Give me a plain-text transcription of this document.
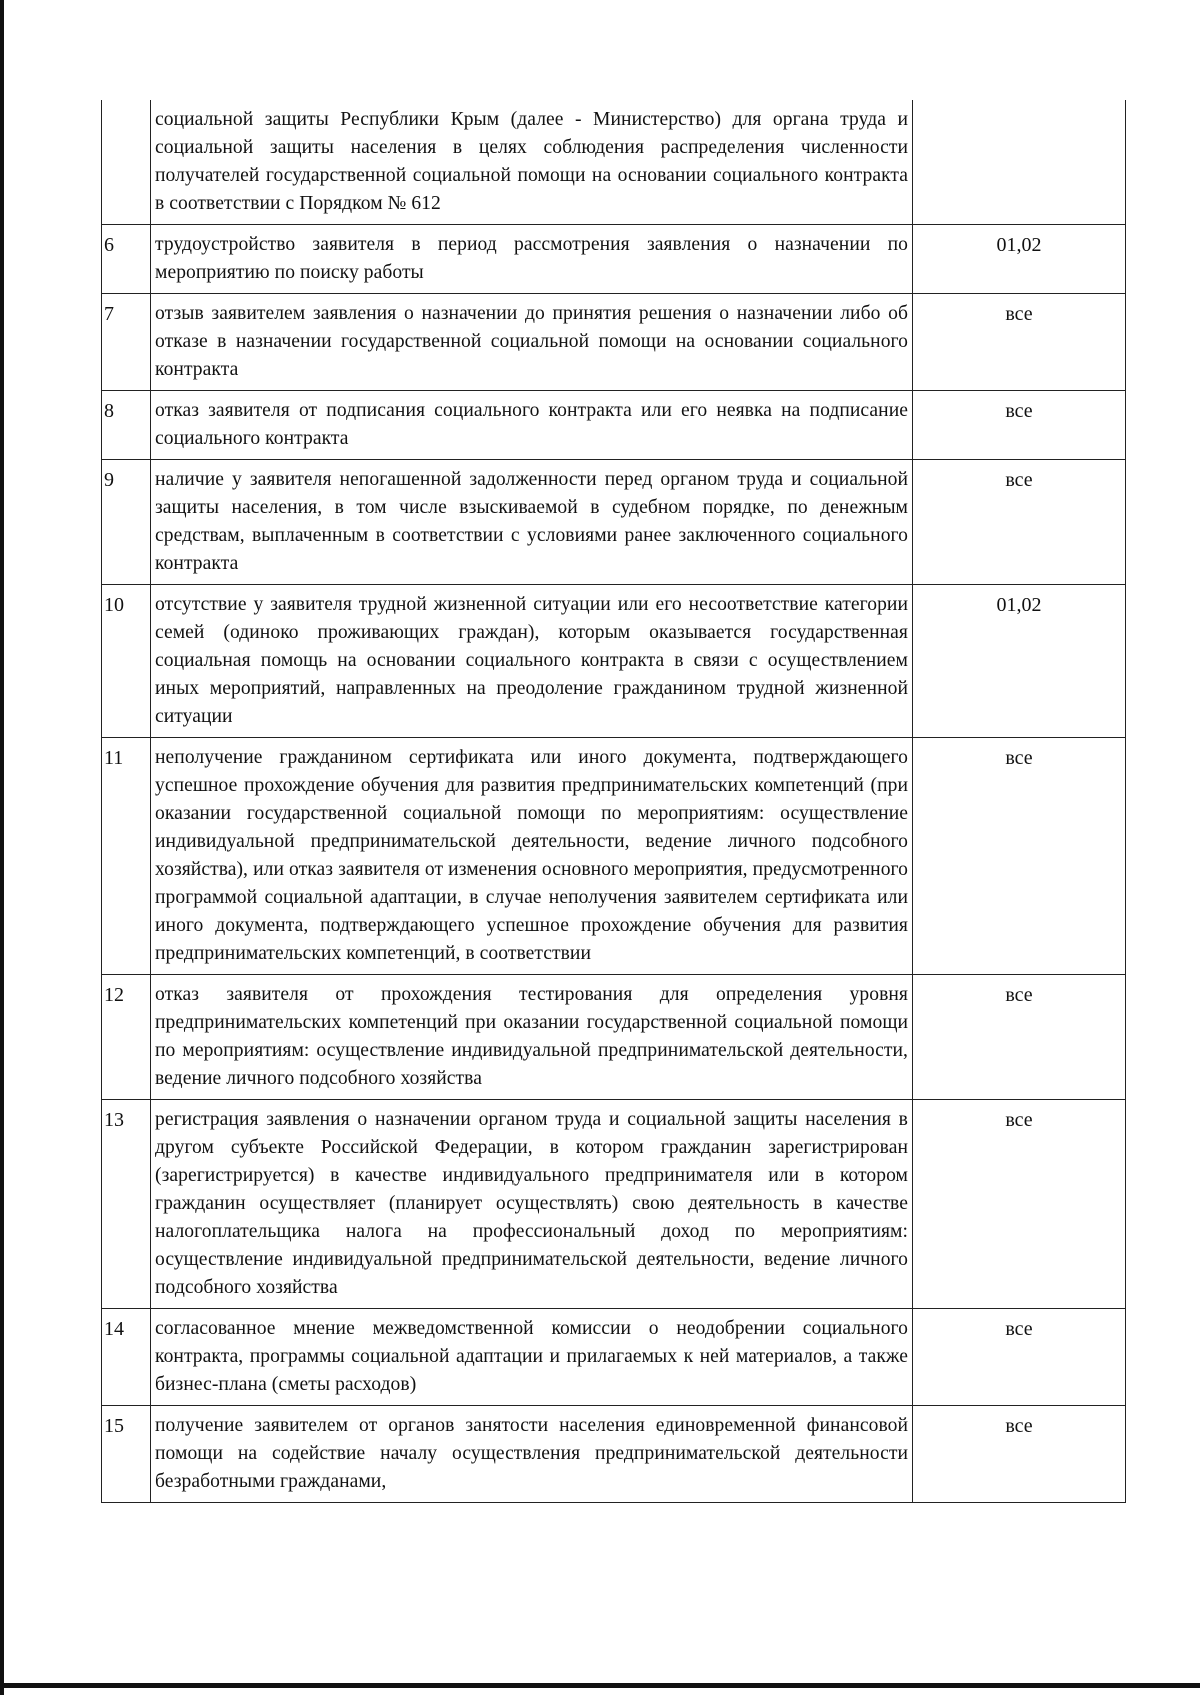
	социальной защиты Республики Крым (далее - Министерство) для органа труда и социальной защиты населения в целях соблюдения распределения численности получателей государственной социальной помощи на основании социального контракта в соответствии с Порядком № 612	
6	трудоустройство заявителя в период рассмотрения заявления о назначении по мероприятию по поиску работы	01,02
7	отзыв заявителем заявления о назначении до принятия решения о назначении либо об отказе в назначении государственной социальной помощи на основании социального контракта	все
8	отказ заявителя от подписания социального контракта или его неявка на подписание социального контракта	все
9	наличие у заявителя непогашенной задолженности перед органом труда и социальной защиты населения, в том числе взыскиваемой в судебном порядке, по денежным средствам, выплаченным в соответствии с условиями ранее заключенного социального контракта	все
10	отсутствие у заявителя трудной жизненной ситуации или его несоответствие категории семей (одиноко проживающих граждан), которым оказывается государственная социальная помощь на основании социального контракта в связи с осуществлением иных мероприятий, направленных на преодоление гражданином трудной жизненной ситуации	01,02
11	неполучение гражданином сертификата или иного документа, подтверждающего успешное прохождение обучения для развития предпринимательских компетенций (при оказании государственной социальной помощи по мероприятиям: осуществление индивидуальной предпринимательской деятельности, ведение личного подсобного хозяйства), или отказ заявителя от изменения основного мероприятия, предусмотренного программой социальной адаптации, в случае неполучения заявителем сертификата или иного документа, подтверждающего успешное прохождение обучения для развития предпринимательских компетенций, в соответствии	все
12	отказ заявителя от прохождения тестирования для определения уровня предпринимательских компетенций при оказании государственной социальной помощи по мероприятиям: осуществление индивидуальной предпринимательской деятельности, ведение личного подсобного хозяйства	все
13	регистрация заявления о назначении органом труда и социальной защиты населения в другом субъекте Российской Федерации, в котором гражданин зарегистрирован (зарегистрируется) в качестве индивидуального предпринимателя или в котором гражданин осуществляет (планирует осуществлять) свою деятельность в качестве налогоплательщика налога на профессиональный доход по мероприятиям: осуществление индивидуальной предпринимательской деятельности, ведение личного подсобного хозяйства	все
14	согласованное мнение межведомственной комиссии о неодобрении социального контракта, программы социальной адаптации и прилагаемых к ней материалов, а также бизнес-плана (сметы расходов)	все
15	получение заявителем от органов занятости населения единовременной финансовой помощи на содействие началу осуществления предпринимательской деятельности безработными гражданами,	все
